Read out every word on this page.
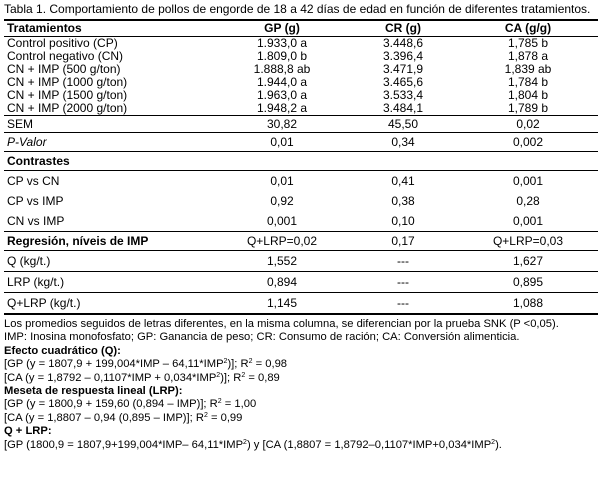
Tabla 1. Comportamiento de pollos de engorde de 18 a 42 días de edad en función de diferentes tratamientos.
Tratamientos	GP (g)	CR (g)	CA (g/g)
Control positivo (CP)	1.933,0 a	3.448,6	1,785 b
Control negativo (CN)	1.809,0 b	3.396,4	1,878 a
CN + IMP (500 g/ton)	1.888,8 ab	3.471,9	1,839 ab
CN + IMP (1000 g/ton)	1.944,0 a	3.465,6	1,784 b
CN + IMP (1500 g/ton)	1.963,0 a	3.533,4	1,804 b
CN + IMP (2000 g/ton)	1.948,2 a	3.484,1	1,789 b
SEM	30,82	45,50	0,02
P-Valor	0,01	0,34	0,002
Contrastes			
CP vs CN	0,01	0,41	0,001
CP vs IMP	0,92	0,38	0,28
CN vs IMP	0,001	0,10	0,001
Regresión, níveis de IMP	Q+LRP=0,02	0,17	Q+LRP=0,03
Q (kg/t.)	1,552	---	1,627
LRP (kg/t.)	0,894	---	0,895
Q+LRP (kg/t.)	1,145	---	1,088

Los promedios seguidos de letras diferentes, en la misma columna, se diferencian por la prueba SNK (P <0,05).

IMP: Inosina monofosfato; GP: Ganancia de peso; CR: Consumo de ración; CA: Conversión alimenticia.

Efecto cuadrático (Q):

[GP (y = 1807,9 + 199,004*IMP – 64,11*IMP$^2$)]; $R^2 = 0,98$

[CA $(y = 1,8792 - 0,1107*IMP + 0,034*IMP^2)$]; $R^2 = 0,89$

Meseta de respuesta lineal (LRP):

[GP (y = 1800,9 + 159,60 (0,894 – IMP)]; $R^2 = 1,00$

[CA (y = 1,8807 – 0,94 (0,895 – IMP)]; $R^2 = 0,99$

Q + LRP:

[GP (1800,9 = 1807,9+199,004*IMP– 64,11*IMP$^2$) y [CA $(1,8807 = 1,8792-0,1107*IMP+0,034*IMP^2)$.
